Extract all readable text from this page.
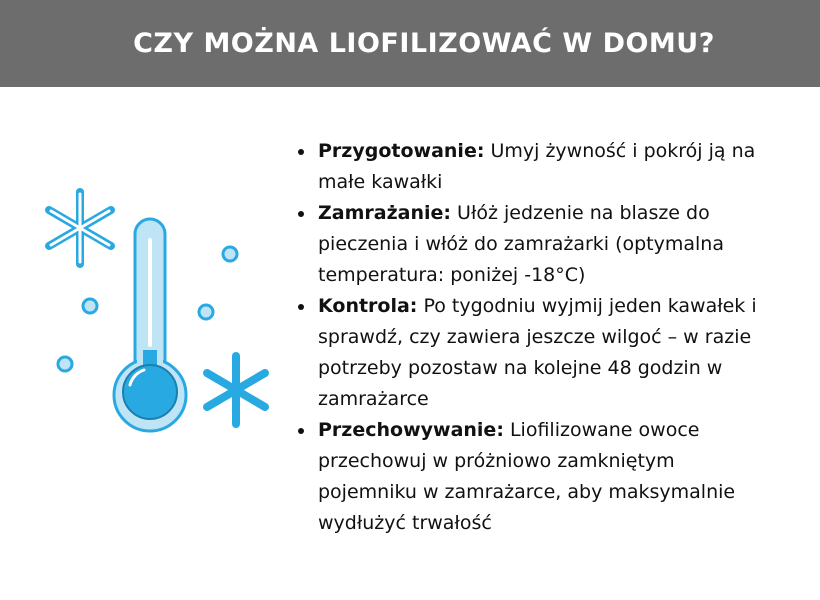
CZY MOŻNA LIOFILIZOWAĆ W DOMU?
Przygotowanie: Umyj żywność i pokrój ją na małe kawałki
Zamrażanie: Ułóż jedzenie na blasze do pieczenia i włóż do zamrażarki (optymalna temperatura: poniżej -18°C)
Kontrola: Po tygodniu wyjmij jeden kawałek i sprawdź, czy zawiera jeszcze wilgoć – w razie potrzeby pozostaw na kolejne 48 godzin w zamrażarce
Przechowywanie: Liofilizowane owoce przechowuj w próżniowo zamkniętym pojemniku w zamrażarce, aby maksymalnie wydłużyć trwałość
